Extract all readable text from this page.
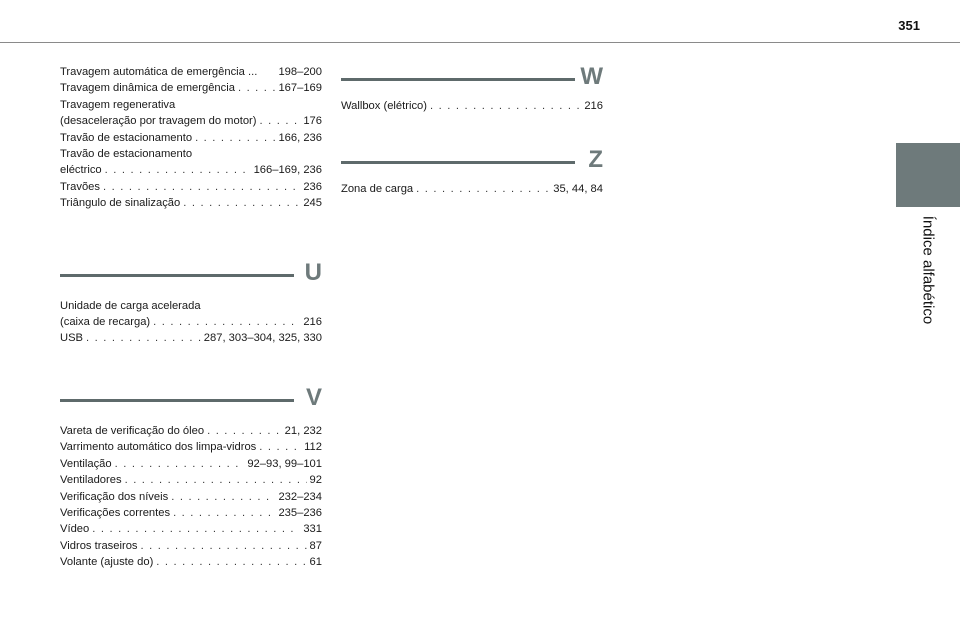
351
Índice alfabético
Travagem automática de emergência ... 198–200
Travagem dinâmica de emergência . . .	167–169
Travagem regenerativa
(desaceleração por travagem do motor) . . .	176
Travão de estacionamento . . .	166, 236
Travão de estacionamento
eléctrico . . .	166–169, 236
Travões . . .	236
Triângulo de sinalização . . .	245
U
Unidade de carga acelerada
(caixa de recarga) . . .	216
USB . . .	287, 303–304, 325, 330
V
Vareta de verificação do óleo . . .	21, 232
Varrimento automático dos limpa-vidros . . .	112
Ventilação . . .	92–93, 99–101
Ventiladores . . .	92
Verificação dos níveis . . .	232–234
Verificações correntes . . .	235–236
Vídeo . . .	331
Vidros traseiros . . .	87
Volante (ajuste do) . . .	61
W
Wallbox (elétrico) . . .	216
Z
Zona de carga . . .	35, 44, 84
